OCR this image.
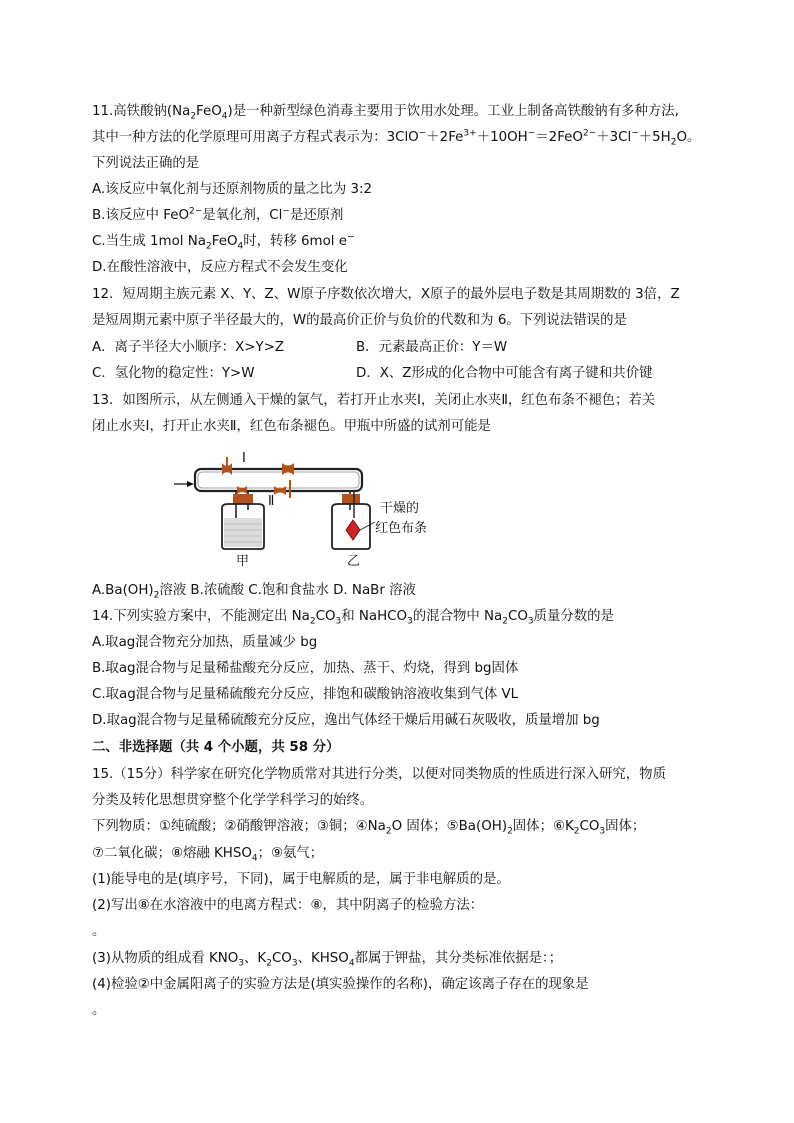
11.高铁酸钠$(Na_2FeO_4)$是一种新型绿色消毒主要用于饮用水处理。工业上制备高铁酸钠有多种方法,
其中一种方法的化学原理可用离子方程式表示为：$3ClO^-+2Fe^{3+}+10OH^-=2FeO^{2-}+3Cl^-+5H_2O$。
下列说法正确的是
A.该反应中氧化剂与还原剂物质的量之比为 3:2
B.该反应中 FeO$^{2-}$是氧化剂，Cl−是还原剂
C.当生成 1mol $Na_2FeO_4$时，转移 6mol e−
D.在酸性溶液中，反应方程式不会发生变化
12．短周期主族元素 X、Y、Z、W原子序数依次增大，X原子的最外层电子数是其周期数的 3倍，Z
是短周期元素中原子半径最大的，W的最高价正价与负价的代数和为 6。下列说法错误的是
A．离子半径大小顺序：X>Y>Z	B．元素最高正价：Y＝W
C．氢化物的稳定性：Y>W	D．X、Z形成的化合物中可能含有离子键和共价键
13．如图所示，从左侧通入干燥的氯气，若打开止水夹Ⅰ，关闭止水夹Ⅱ，红色布条不褪色；若关
闭止水夹Ⅰ，打开止水夹Ⅱ，红色布条褪色。甲瓶中所盛的试剂可能是
I
Ⅱ
甲	乙
干燥的
红色布条
$A.Ba(OH)_2$溶液 B.浓硫酸 C.饱和食盐水 D. NaBr 溶液
14.下列实验方案中，不能测定出 $Na_2CO_3$和 NaHCO$_3$的混合物中 $Na_2CO_3$质量分数的是
A.取ag混合物充分加热，质量减少 bg
B.取ag混合物与足量稀盐酸充分反应，加热、蒸干、灼烧，得到 bg固体
C.取ag混合物与足量稀硫酸充分反应，排饱和碳酸钠溶液收集到气体 VL
D.取ag混合物与足量稀硫酸充分反应，逸出气体经干燥后用碱石灰吸收，质量增加 bg
二、非选择题（共 4 个小题，共 58 分）
15.（15分）科学家在研究化学物质常对其进行分类，以便对同类物质的性质进行深入研究，物质
分类及转化思想贯穿整个化学学科学习的始终。
下列物质：①纯硫酸；②硝酸钾溶液；③铜；$④Na_2O$ 固体；$⑤Ba(OH)_2$固体；$⑥K_2CO_3$固体；
⑦二氧化碳；⑧熔融 $KHSO_4$；⑨氨气；
(1)能导电的是(填序号，下同)，属于电解质的是，属于非电解质的是。
(2)写出⑧在水溶液中的电离方程式：⑧，其中阴离子的检验方法：
。
(3)从物质的组成看 $KNO_3$、$K_2CO_3$、$KHSO_4$都属于钾盐，其分类标准依据是：；
(4)检验②中金属阳离子的实验方法是(填实验操作的名称)，确定该离子存在的现象是
。
